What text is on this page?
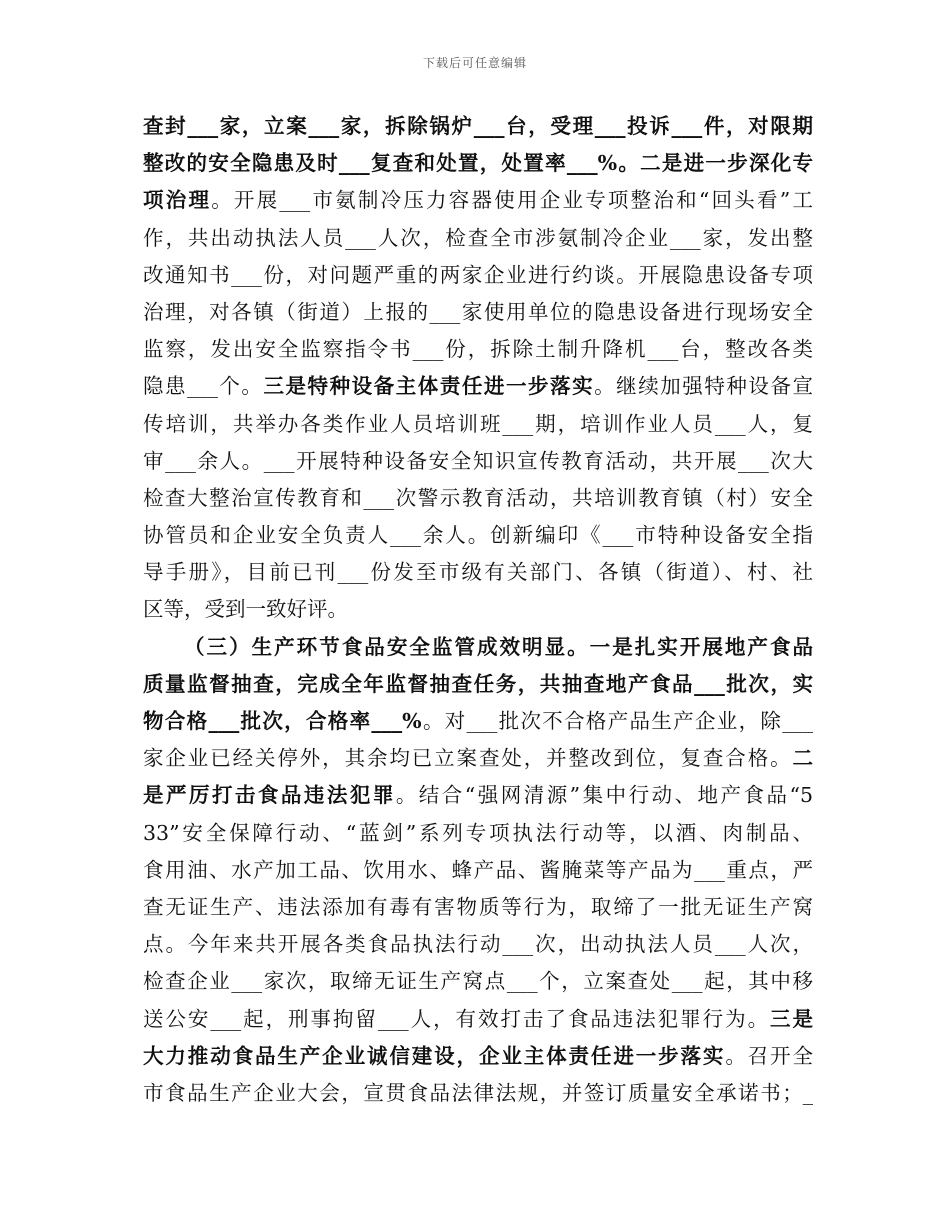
下载后可任意编辑
查封___家，立案___家，拆除锅炉___台，受理___投诉___件，对限期
整改的安全隐患及时___复查和处置，处置率___%。二是进一步深化专
项治理。开展___市氨制冷压力容器使用企业专项整治和“回头看”工
作，共出动执法人员___人次，检查全市涉氨制冷企业___家，发出整
改通知书___份，对问题严重的两家企业进行约谈。开展隐患设备专项
治理，对各镇（街道）上报的___家使用单位的隐患设备进行现场安全
监察，发出安全监察指令书___份，拆除土制升降机___台，整改各类
隐患___个。三是特种设备主体责任进一步落实。继续加强特种设备宣
传培训，共举办各类作业人员培训班___期，培训作业人员___人，复
审___余人。___开展特种设备安全知识宣传教育活动，共开展___次大
检查大整治宣传教育和___次警示教育活动，共培训教育镇（村）安全
协管员和企业安全负责人___余人。创新编印《___市特种设备安全指
导手册》，目前已刊___份发至市级有关部门、各镇（街道）、村、社
区等，受到一致好评。
（三）生产环节食品安全监管成效明显。一是扎实开展地产食品
质量监督抽查，完成全年监督抽查任务，共抽查地产食品___批次，实
物合格___批次，合格率___%。对___批次不合格产品生产企业，除___
家企业已经关停外，其余均已立案查处，并整改到位，复查合格。二
是严厉打击食品违法犯罪。结合“强网清源”集中行动、地产食品“5
33”安全保障行动、“蓝剑”系列专项执法行动等，以酒、肉制品、
食用油、水产加工品、饮用水、蜂产品、酱腌菜等产品为___重点，严
查无证生产、违法添加有毒有害物质等行为，取缔了一批无证生产窝
点。今年来共开展各类食品执法行动___次，出动执法人员___人次，
检查企业___家次，取缔无证生产窝点___个，立案查处___起，其中移
送公安___起，刑事拘留___人，有效打击了食品违法犯罪行为。三是
大力推动食品生产企业诚信建设，企业主体责任进一步落实。召开全
市食品生产企业大会，宣贯食品法律法规，并签订质量安全承诺书；_
